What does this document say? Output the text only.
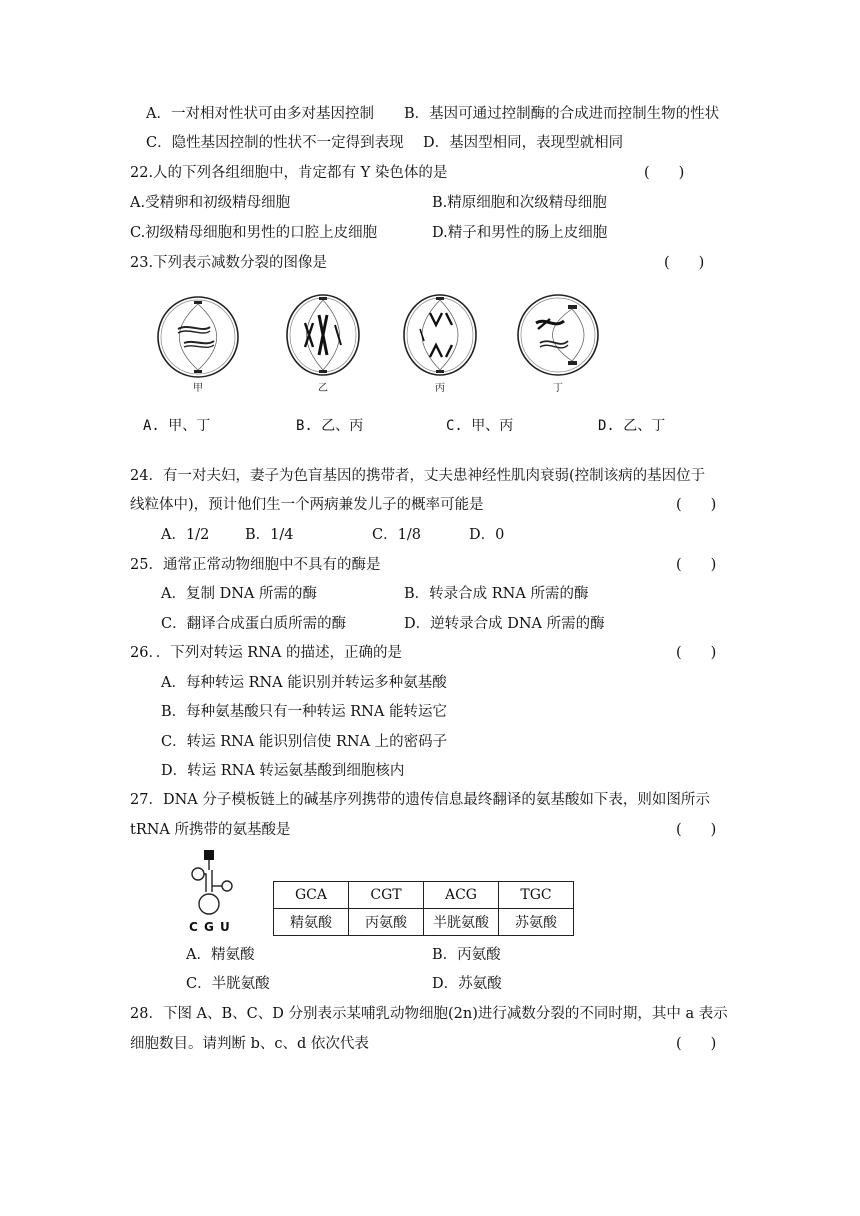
A．一对相对性状可由多对基因控制 B．基因可通过控制酶的合成进而控制生物的性状
C．隐性基因控制的性状不一定得到表现 D．基因型相同，表现型就相同
22.人的下列各组细胞中，肯定都有 Y 染色体的是	(　　)
A.受精卵和初级精母细胞	B.精原细胞和次级精母细胞
C.初级精母细胞和男性的口腔上皮细胞	D.精子和男性的肠上皮细胞
23.下列表示减数分裂的图像是	(　　)
甲	乙	丙	丁
A. 甲、丁	B. 乙、丙	C. 甲、丙	D. 乙、丁
24．有一对夫妇，妻子为色盲基因的携带者，丈夫患神经性肌肉衰弱(控制该病的基因位于
线粒体中)，预计他们生一个两病兼发儿子的概率可能是	(　　)
A．1/2 B．1/4	C．1/8	D．0
25．通常正常动物细胞中不具有的酶是	(　　)
A．复制 DNA 所需的酶	B．转录合成 RNA 所需的酶
C．翻译合成蛋白质所需的酶	D．逆转录合成 DNA 所需的酶
26．．下列对转运 RNA 的描述，正确的是	(　　)
A．每种转运 RNA 能识别并转运多种氨基酸
B．每种氨基酸只有一种转运 RNA 能转运它
C．转运 RNA 能识别信使 RNA 上的密码子
D．转运 RNA 转运氨基酸到细胞核内
27．DNA 分子模板链上的碱基序列携带的遗传信息最终翻译的氨基酸如下表，则如图所示
tRNA 所携带的氨基酸是	(　　)
C G U
GCA	CGT	ACG	TGC
精氨酸	丙氨酸	半胱氨酸	苏氨酸
A．精氨酸	B．丙氨酸
C．半胱氨酸	D．苏氨酸
28．下图 A、B、C、D 分别表示某哺乳动物细胞(2n)进行减数分裂的不同时期，其中 a 表示
细胞数目。请判断 b、c、d 依次代表	(　　)
